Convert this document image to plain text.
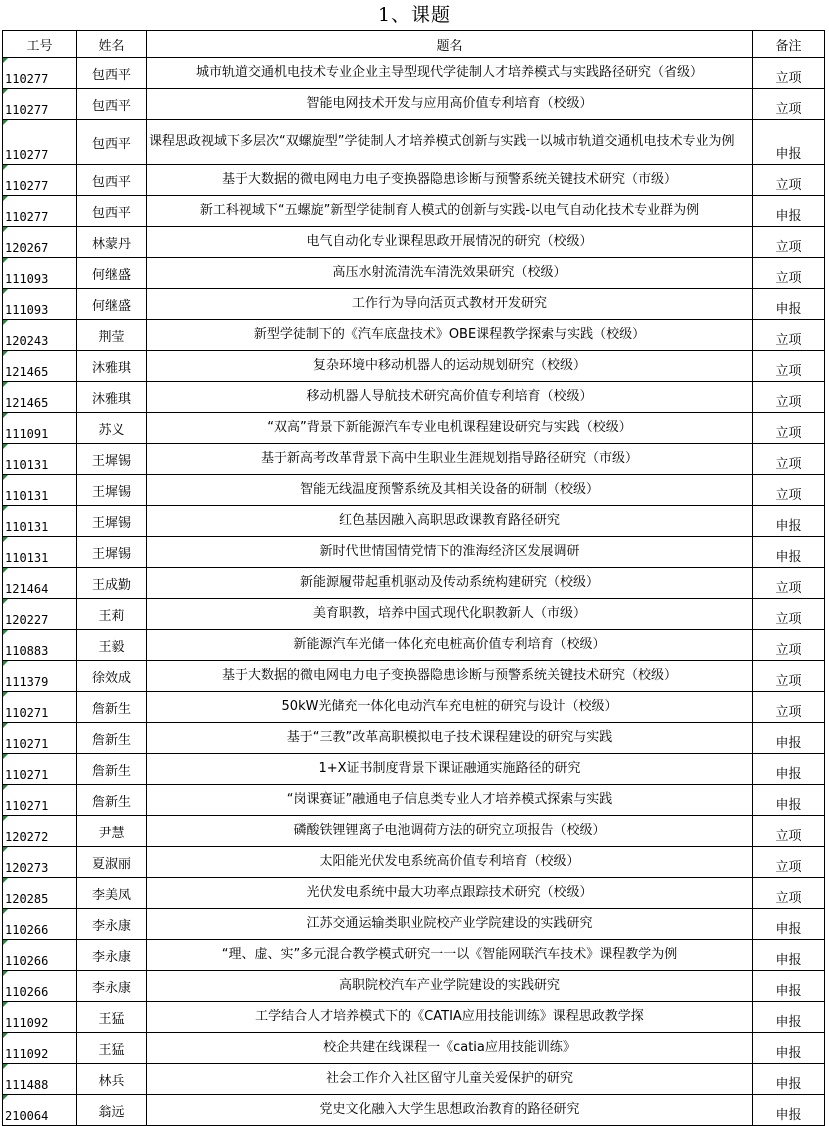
1、课题
工号	姓名	题名	备注

110277	包西平	城市轨道交通机电技术专业企业主导型现代学徒制人才培养模式与实践路径研究（省级）	立项

110277	包西平	智能电网技术开发与应用高价值专利培育（校级）	立项

110277	包西平	课程思政视域下多层次“双螺旋型”学徒制人才培养模式创新与实践一以城市轨道交通机电技术专业为例	申报

110277	包西平	基于大数据的微电网电力电子变换器隐患诊断与预警系统关键技术研究（市级）	立项

110277	包西平	新工科视域下“五螺旋”新型学徒制育人模式的创新与实践-以电气自动化技术专业群为例	申报

120267	林蒙丹	电气自动化专业课程思政开展情况的研究（校级）	立项

111093	何继盛	高压水射流清洗车清洗效果研究（校级）	立项

111093	何继盛	工作行为导向活页式教材开发研究	申报

120243	荆莹	新型学徒制下的《汽车底盘技术》OBE课程教学探索与实践（校级）	立项

121465	沐雅琪	复杂环境中移动机器人的运动规划研究（校级）	立项

121465	沐雅琪	移动机器人导航技术研究高价值专利培育（校级）	立项

111091	苏义	“双高”背景下新能源汽车专业电机课程建设研究与实践（校级）	立项

110131	王墀锡	基于新高考改革背景下高中生职业生涯规划指导路径研究（市级）	立项

110131	王墀锡	智能无线温度预警系统及其相关设备的研制（校级）	立项

110131	王墀锡	红色基因融入高职思政课教育路径研究	申报

110131	王墀锡	新时代世情国情党情下的淮海经济区发展调研	申报

121464	王成勤	新能源履带起重机驱动及传动系统构建研究（校级）	立项

120227	王莉	美育职教，培养中国式现代化职教新人（市级）	立项

110883	王毅	新能源汽车光储一体化充电桩高价值专利培育（校级）	立项

111379	徐效成	基于大数据的微电网电力电子变换器隐患诊断与预警系统关键技术研究（校级）	立项

110271	詹新生	50kW光储充一体化电动汽车充电桩的研究与设计（校级）	立项

110271	詹新生	基于“三教”改革高职模拟电子技术课程建设的研究与实践	申报

110271	詹新生	1+X证书制度背景下课证融通实施路径的研究	申报

110271	詹新生	“岗课赛证”融通电子信息类专业人才培养模式探索与实践	申报

120272	尹慧	磷酸铁锂锂离子电池调荷方法的研究立项报告（校级）	立项

120273	夏淑丽	太阳能光伏发电系统高价值专利培育（校级）	立项

120285	李美凤	光伏发电系统中最大功率点跟踪技术研究（校级）	立项

110266	李永康	江苏交通运输类职业院校产业学院建设的实践研究	申报

110266	李永康	“理、虚、实”多元混合教学模式研究一一以《智能网联汽车技术》课程教学为例	申报

110266	李永康	高职院校汽车产业学院建设的实践研究	申报

111092	王猛	工学结合人才培养模式下的《CATIA应用技能训练》课程思政教学探	申报

111092	王猛	校企共建在线课程一《catia应用技能训练》	申报

111488	林兵	社会工作介入社区留守儿童关爱保护的研究	申报

210064	翁远	党史文化融入大学生思想政治教育的路径研究	申报
